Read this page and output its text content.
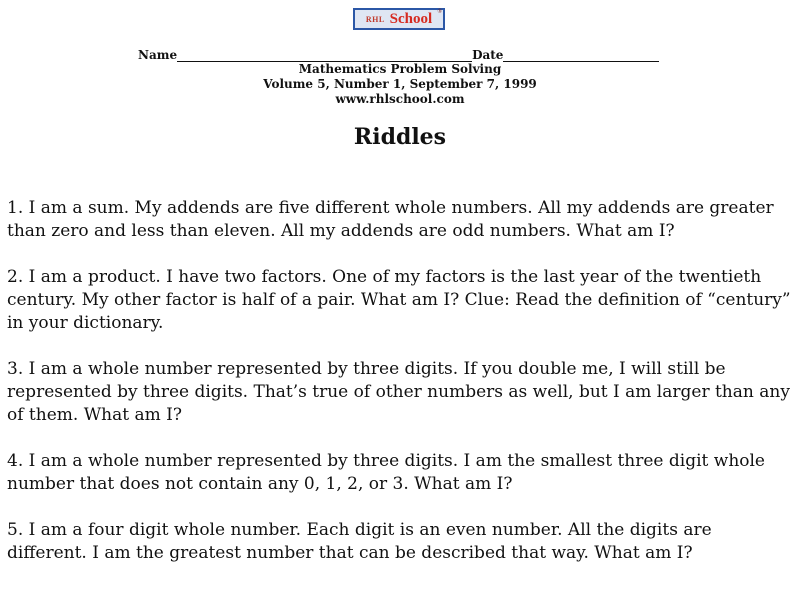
RHL School ®
Name	Date
Mathematics Problem Solving
Volume 5, Number 1, September 7, 1999
www.rhlschool.com
Riddles
1. I am a sum. My addends are five different whole numbers. All my addends are greater than zero and less than eleven. All my addends are odd numbers. What am I?
2. I am a product. I have two factors. One of my factors is the last year of the twentieth century. My other factor is half of a pair. What am I? Clue: Read the definition of “century” in your dictionary.
3. I am a whole number represented by three digits. If you double me, I will still be represented by three digits. That’s true of other numbers as well, but I am larger than any of them. What am I?
4. I am a whole number represented by three digits. I am the smallest three digit whole number that does not contain any 0, 1, 2, or 3. What am I?
5. I am a four digit whole number. Each digit is an even number. All the digits are different. I am the greatest number that can be described that way. What am I?
